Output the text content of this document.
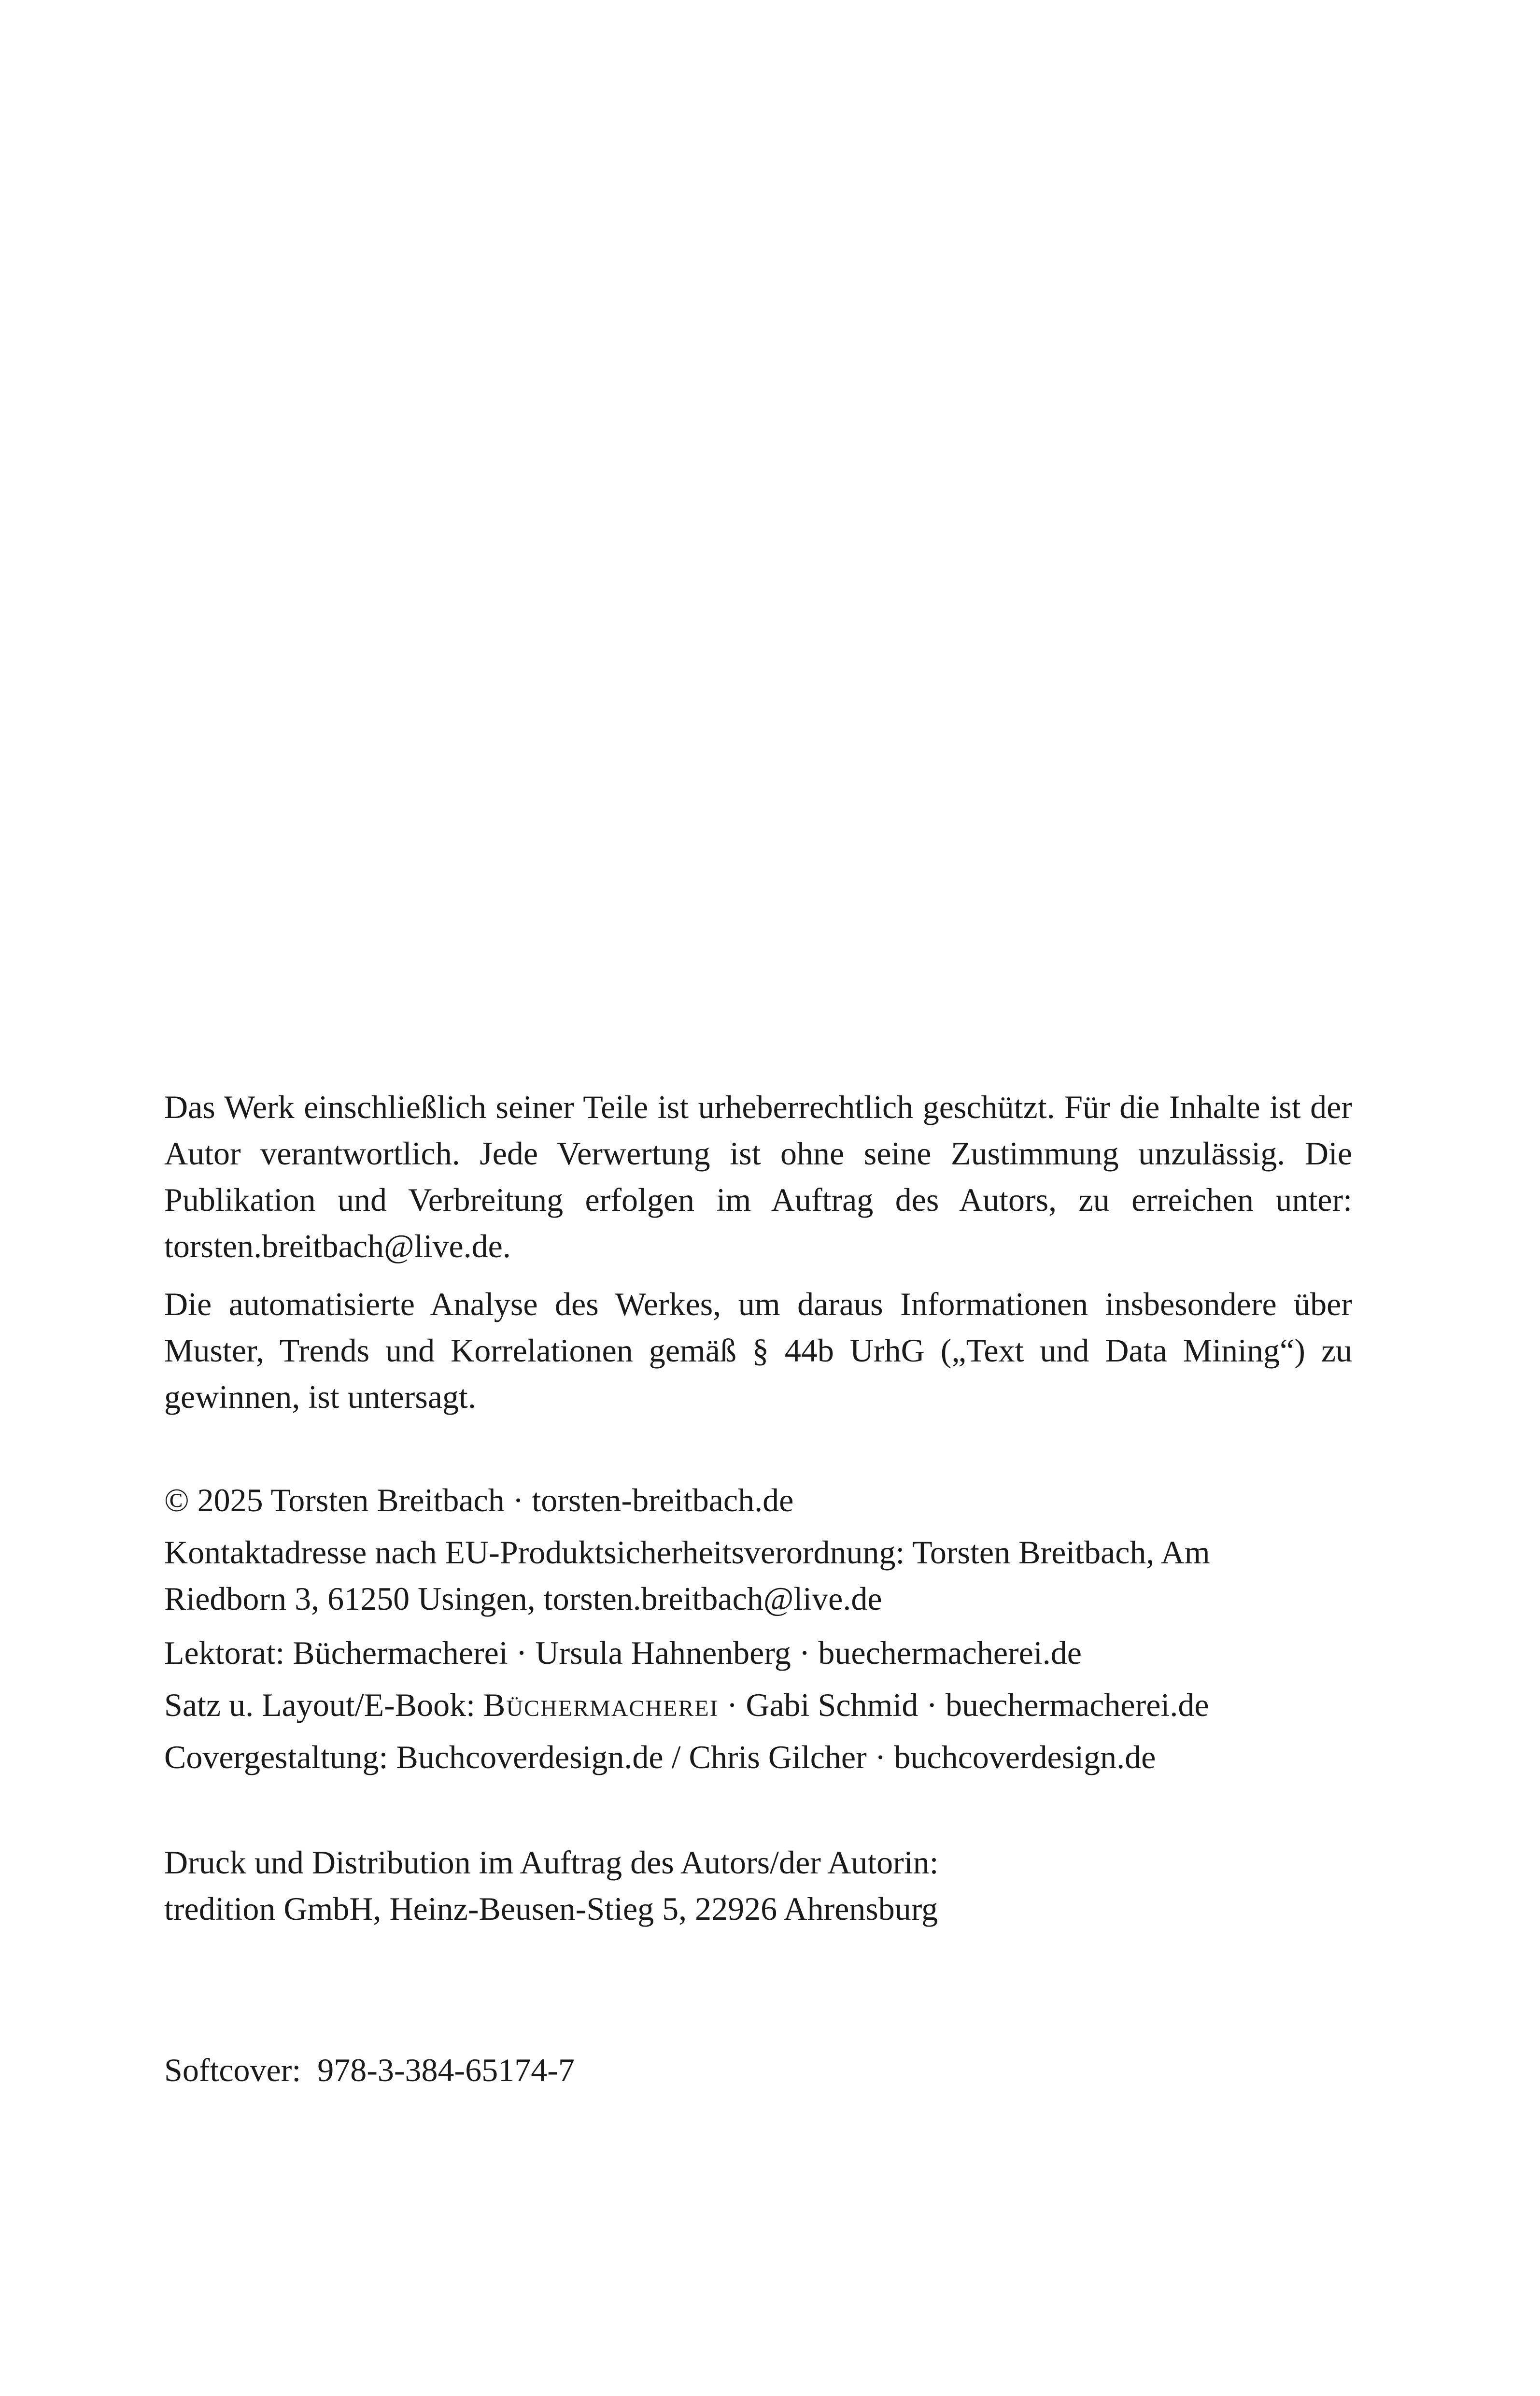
Das Werk einschließlich seiner Teile ist urheberrechtlich geschützt. Für die Inhalte ist der Autor verantwortlich. Jede Verwertung ist ohne seine Zustimmung unzulässig. Die Publikation und Verbreitung erfolgen im Auftrag des Autors, zu erreichen unter: torsten.breitbach@live.de.

Die automatisierte Analyse des Werkes, um daraus Informationen insbesondere über Muster, Trends und Korrelationen gemäß § 44b UrhG („Text und Data Mining“) zu gewinnen, ist untersagt.

© 2025 Torsten Breitbach · torsten-breitbach.de

Kontaktadresse nach EU-Produktsicherheitsverordnung: Torsten Breitbach, Am Riedborn 3, 61250 Usingen, torsten.breitbach@live.de

Lektorat: Büchermacherei · Ursula Hahnenberg · buechermacherei.de

Satz u. Layout/E-Book: Büchermacherei · Gabi Schmid · buechermacherei.de

Covergestaltung: Buchcoverdesign.de / Chris Gilcher · buchcoverdesign.de

Druck und Distribution im Auftrag des Autors/der Autorin:
tredition GmbH, Heinz-Beusen-Stieg 5, 22926 Ahrensburg

Softcover: 978-3-384-65174-7
